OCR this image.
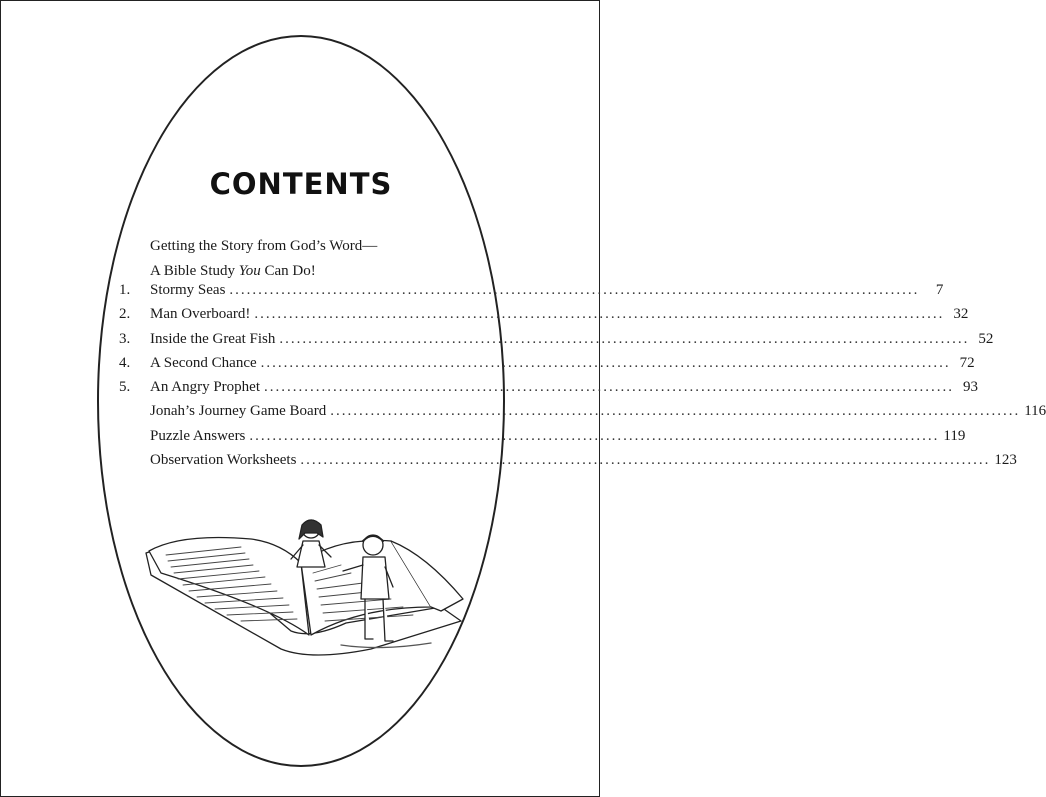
CONTENTS
Getting the Story from God’s Word—
A Bible Study You Can Do!
1.	Stormy Seas ........................................................................................................................	7
2.	Man Overboard! ........................................................................................................................ 32
3.	Inside the Great Fish ........................................................................................................................ 52
4.	A Second Chance ........................................................................................................................ 72
5.	An Angry Prophet ........................................................................................................................ 93
Jonah’s Journey Game Board ........................................................................................................................ 116
Puzzle Answers ........................................................................................................................ 119
Observation Worksheets ........................................................................................................................ 123
